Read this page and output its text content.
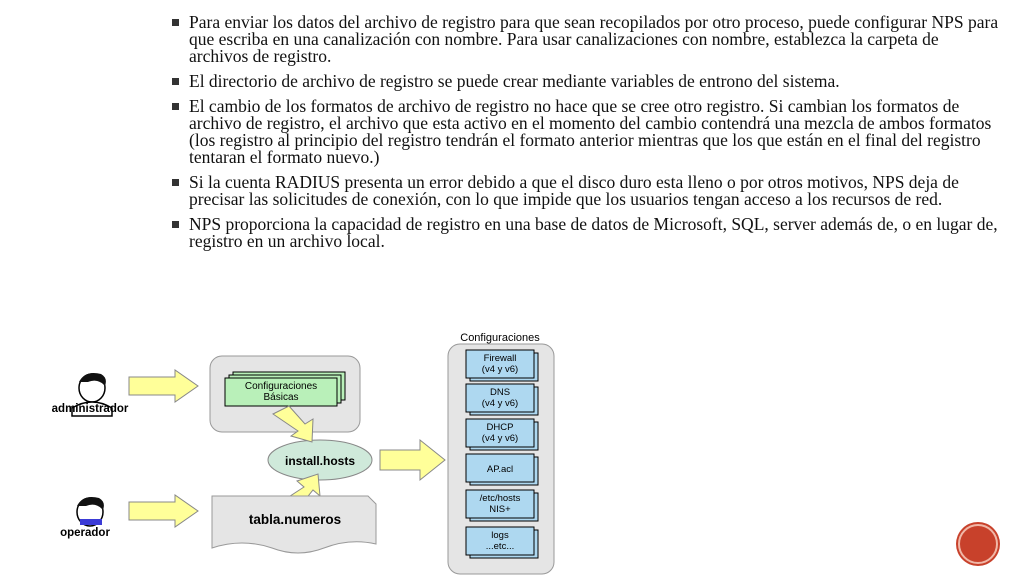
Para enviar los datos del archivo de registro para que sean recopilados por otro proceso, puede configurar NPS para que escriba en una canalización con nombre. Para usar canalizaciones con nombre, establezca la carpeta de archivos de registro.
El directorio de archivo de registro se puede crear mediante variables de entrono del sistema.
El cambio de los formatos de archivo de registro no hace que se cree otro registro. Si cambian los formatos de archivo de registro, el archivo que esta activo en el momento del cambio contendrá una mezcla de ambos formatos (los registro al principio del registro tendrán el formato anterior mientras que los que están en el final del registro tentaran el formato nuevo.)
Si la cuenta RADIUS presenta un error debido a que el disco duro esta lleno o por otros motivos, NPS deja de precisar las solicitudes de conexión, con lo que impide que los usuarios tengan acceso a los recursos de red.
NPS proporciona la capacidad de registro en una base de datos de Microsoft, SQL, server además de, o en lugar de, registro en un archivo local.
administrador
operador
Configuraciones
Básicas
install.hosts
tabla.numeros
Configuraciones
Firewall
(v4 y v6)
DNS
(v4 y v6)
DHCP
(v4 y v6)
AP.acl
/etc/hosts
NIS+
logs
...etc...
